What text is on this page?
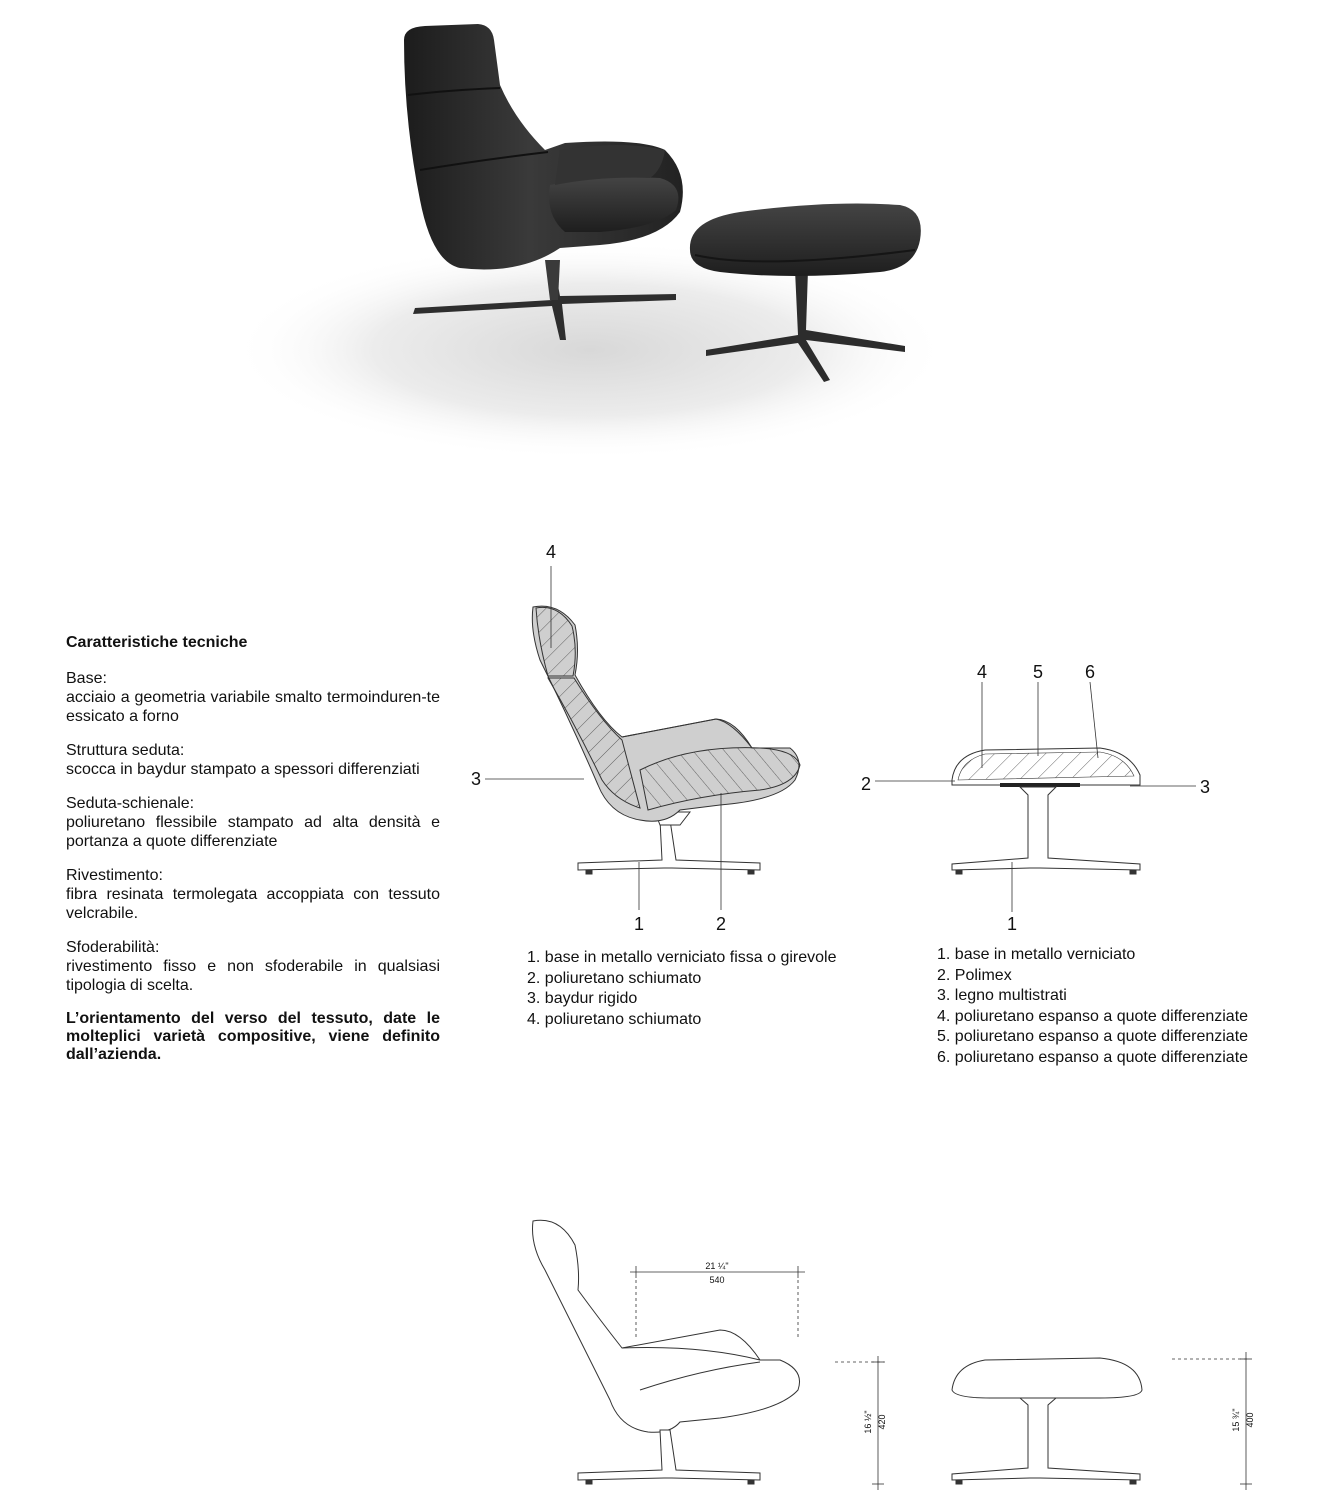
Caratteristiche tecniche
Base:
acciaio a geometria variabile smalto termoinduren-te essicato a forno
Struttura seduta:
scocca in baydur stampato a spessori differenziati
Seduta-schienale:
poliuretano flessibile stampato ad alta densità e portanza a quote differenziate
Rivestimento:
fibra resinata termolegata accoppiata con tessuto velcrabile.
Sfoderabilità:
rivestimento fisso e non sfoderabile in qualsiasi tipologia di scelta.
L’orientamento del verso del tessuto, date le molteplici varietà compositive, viene definito dall’azienda.
4
3
1	2
1. base in metallo verniciato fissa o girevole
2. poliuretano schiumato
3. baydur rigido
4. poliuretano schiumato
2	3
4	5 6
1
1. base in metallo verniciato
2. Polimex
3. legno multistrati
4. poliuretano espanso a quote differenziate
5. poliuretano espanso a quote differenziate
6. poliuretano espanso a quote differenziate
21 ¼"
540
16 ½" 420	15 ¾" 400
